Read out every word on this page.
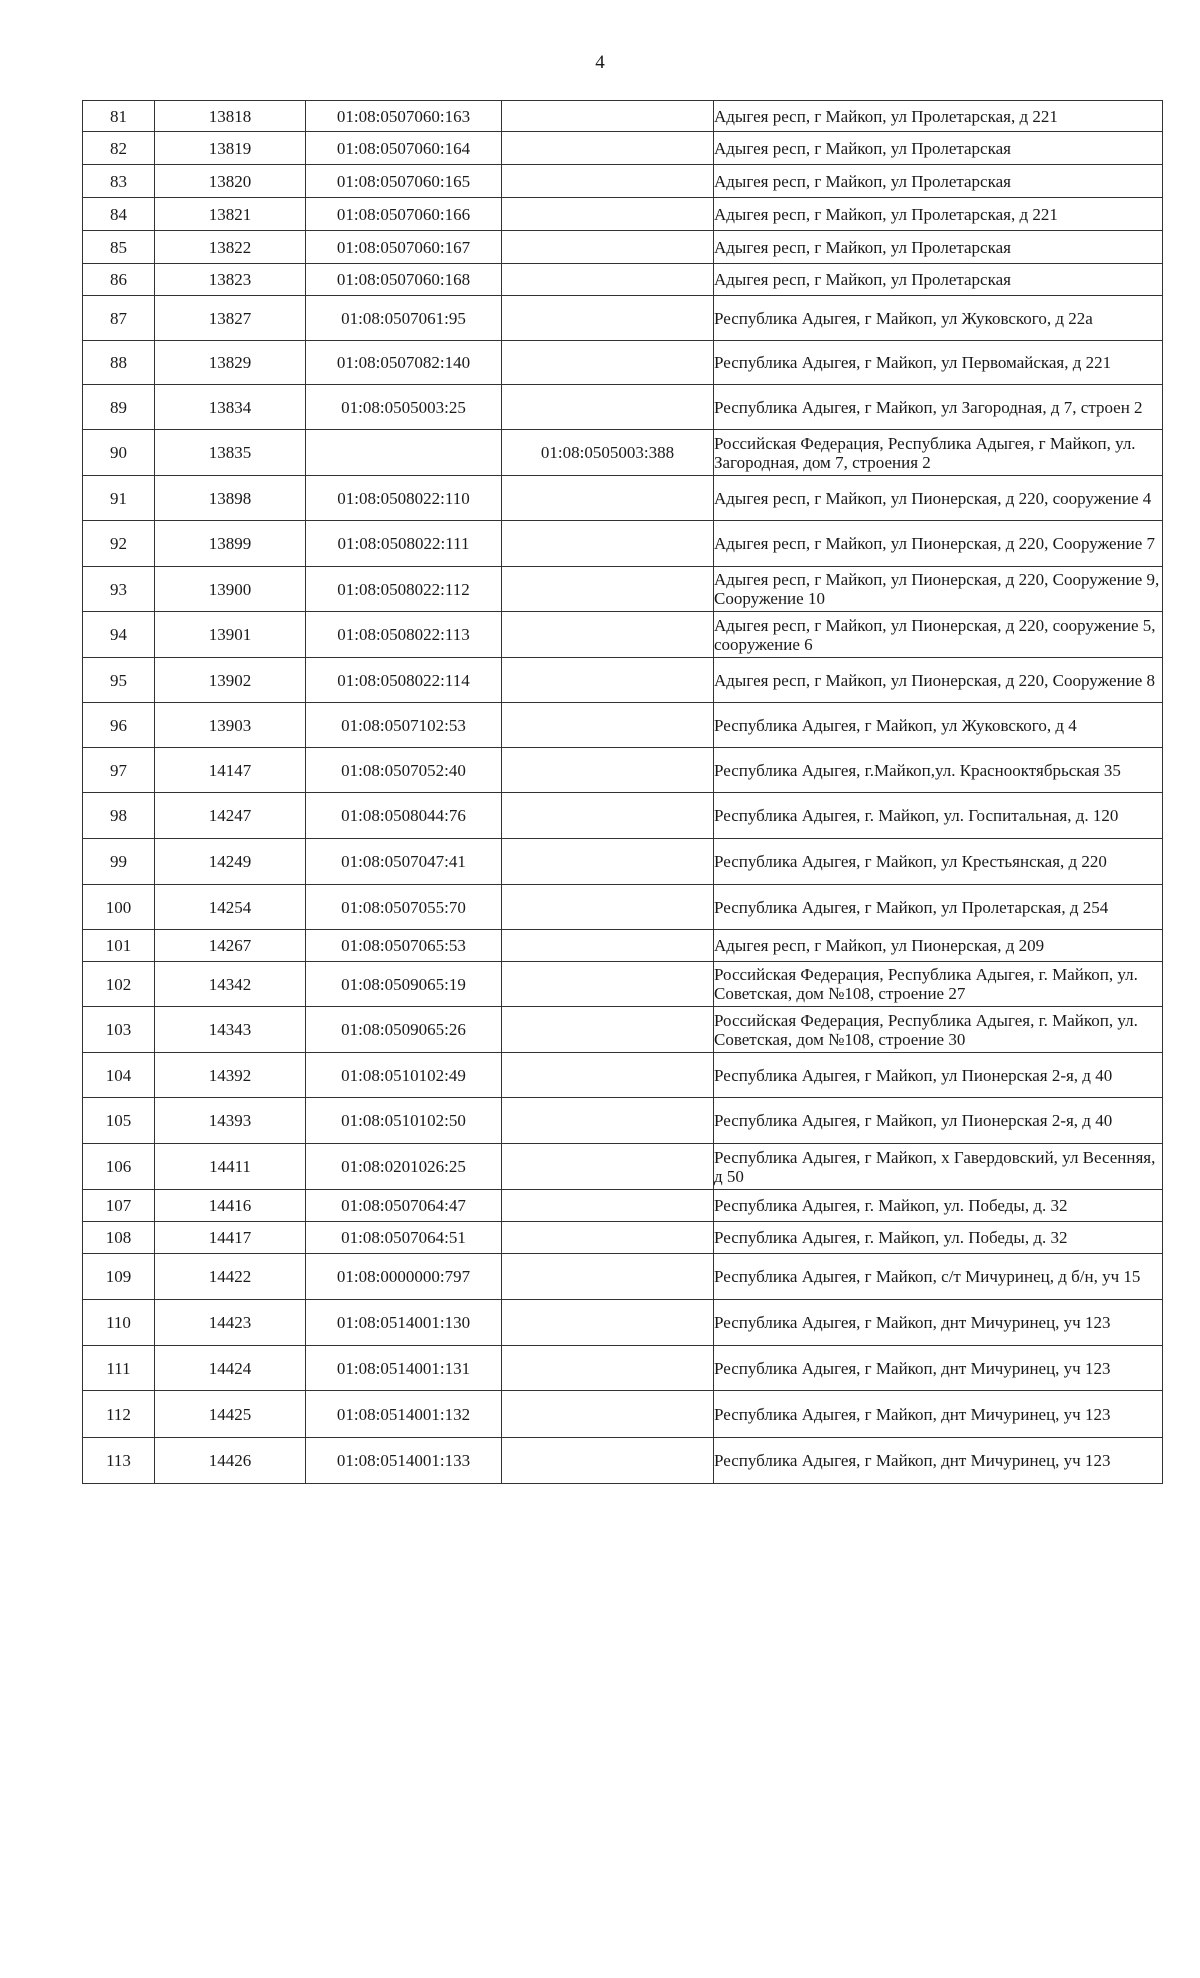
4
81	13818	01:08:0507060:163		Адыгея респ, г Майкоп, ул Пролетарская, д 221
82	13819	01:08:0507060:164		Адыгея респ, г Майкоп, ул Пролетарская
83	13820	01:08:0507060:165		Адыгея респ, г Майкоп, ул Пролетарская
84	13821	01:08:0507060:166		Адыгея респ, г Майкоп, ул Пролетарская, д 221
85	13822	01:08:0507060:167		Адыгея респ, г Майкоп, ул Пролетарская
86	13823	01:08:0507060:168		Адыгея респ, г Майкоп, ул Пролетарская
87	13827	01:08:0507061:95		Республика Адыгея, г Майкоп, ул Жуковского, д 22а
88	13829	01:08:0507082:140		Республика Адыгея, г Майкоп, ул Первомайская, д 221
89	13834	01:08:0505003:25		Республика Адыгея, г Майкоп, ул Загородная, д 7, строен 2
90	13835		01:08:0505003:388	Российская Федерация, Республика Адыгея, г Майкоп, ул. Загородная, дом 7, строения 2
91	13898	01:08:0508022:110		Адыгея респ, г Майкоп, ул Пионерская, д 220, сооружение 4
92	13899	01:08:0508022:111		Адыгея респ, г Майкоп, ул Пионерская, д 220, Сооружение 7
93	13900	01:08:0508022:112		Адыгея респ, г Майкоп, ул Пионерская, д 220, Сооружение 9, Сооружение 10
94	13901	01:08:0508022:113		Адыгея респ, г Майкоп, ул Пионерская, д 220, сооружение 5, сооружение 6
95	13902	01:08:0508022:114		Адыгея респ, г Майкоп, ул Пионерская, д 220, Сооружение 8
96	13903	01:08:0507102:53		Республика Адыгея, г Майкоп, ул Жуковского, д 4
97	14147	01:08:0507052:40		Республика Адыгея, г.Майкоп,ул. Краснооктябрьская 35
98	14247	01:08:0508044:76		Республика Адыгея, г. Майкоп, ул. Госпитальная, д. 120
99	14249	01:08:0507047:41		Республика Адыгея, г Майкоп, ул Крестьянская, д 220
100	14254	01:08:0507055:70		Республика Адыгея, г Майкоп, ул Пролетарская, д 254
101	14267	01:08:0507065:53		Адыгея респ, г Майкоп, ул Пионерская, д 209
102	14342	01:08:0509065:19		Российская Федерация, Республика Адыгея, г. Майкоп, ул. Советская, дом №108, строение 27
103	14343	01:08:0509065:26		Российская Федерация, Республика Адыгея, г. Майкоп, ул. Советская, дом №108, строение 30
104	14392	01:08:0510102:49		Республика Адыгея, г Майкоп, ул Пионерская 2-я, д 40
105	14393	01:08:0510102:50		Республика Адыгея, г Майкоп, ул Пионерская 2-я, д 40
106	14411	01:08:0201026:25		Республика Адыгея, г Майкоп, х Гавердовский, ул Весенняя, д 50
107	14416	01:08:0507064:47		Республика Адыгея, г. Майкоп, ул. Победы, д. 32
108	14417	01:08:0507064:51		Республика Адыгея, г. Майкоп, ул. Победы, д. 32
109	14422	01:08:0000000:797		Республика Адыгея, г Майкоп, с/т Мичуринец, д б/н, уч 15
110	14423	01:08:0514001:130		Республика Адыгея, г Майкоп, днт Мичуринец, уч 123
111	14424	01:08:0514001:131		Республика Адыгея, г Майкоп, днт Мичуринец, уч 123
112	14425	01:08:0514001:132		Республика Адыгея, г Майкоп, днт Мичуринец, уч 123
113	14426	01:08:0514001:133		Республика Адыгея, г Майкоп, днт Мичуринец, уч 123
